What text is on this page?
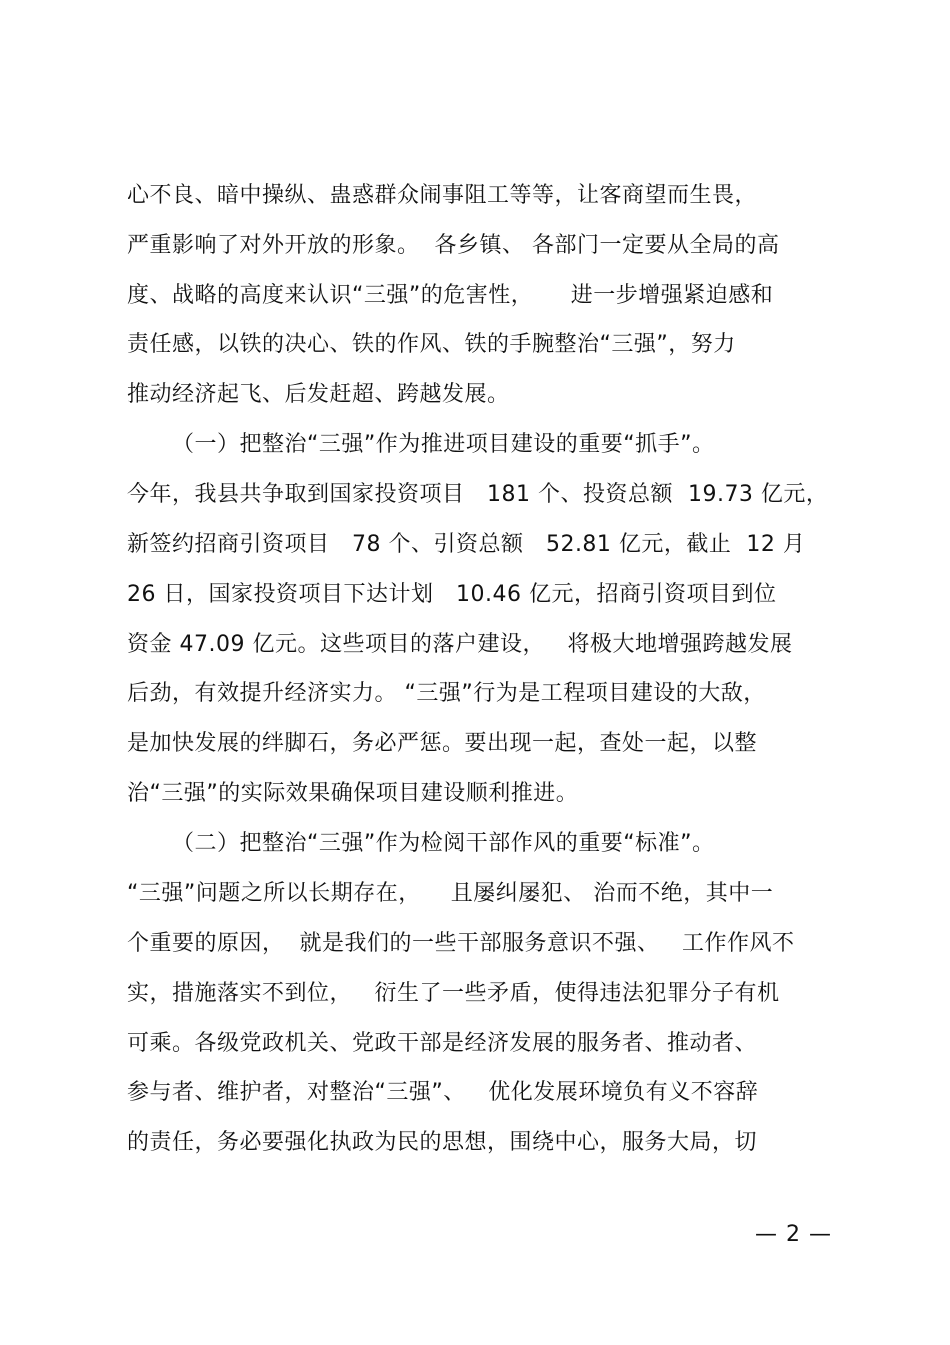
心不良、暗中操纵、蛊惑群众闹事阻工等等，让客商望而生畏，
严重影响了对外开放的形象。  各乡镇、 各部门一定要从全局的高
度、战略的高度来认识“三强”的危害性，     进一步增强紧迫感和
责任感，以铁的决心、铁的作风、铁的手腕整治“三强”，努力
推动经济起飞、后发赶超、跨越发展。
（一）把整治“三强”作为推进项目建设的重要“抓手”。
今年，我县共争取到国家投资项目   181 个、投资总额  19.73 亿元，
新签约招商引资项目   78 个、引资总额   52.81 亿元，截止  12 月
26 日，国家投资项目下达计划   10.46 亿元，招商引资项目到位
资金 47.09 亿元。这些项目的落户建设，   将极大地增强跨越发展
后劲，有效提升经济实力。 “三强”行为是工程项目建设的大敌，
是加快发展的绊脚石，务必严惩。要出现一起，查处一起，以整
治“三强”的实际效果确保项目建设顺利推进。
（二）把整治“三强”作为检阅干部作风的重要“标准”。
“三强”问题之所以长期存在，    且屡纠屡犯、 治而不绝，其中一
个重要的原因，  就是我们的一些干部服务意识不强、   工作作风不
实，措施落实不到位，   衍生了一些矛盾，使得违法犯罪分子有机
可乘。各级党政机关、党政干部是经济发展的服务者、推动者、
参与者、维护者，对整治“三强”、   优化发展环境负有义不容辞
的责任，务必要强化执政为民的思想，围绕中心，服务大局，切
— 2 —
